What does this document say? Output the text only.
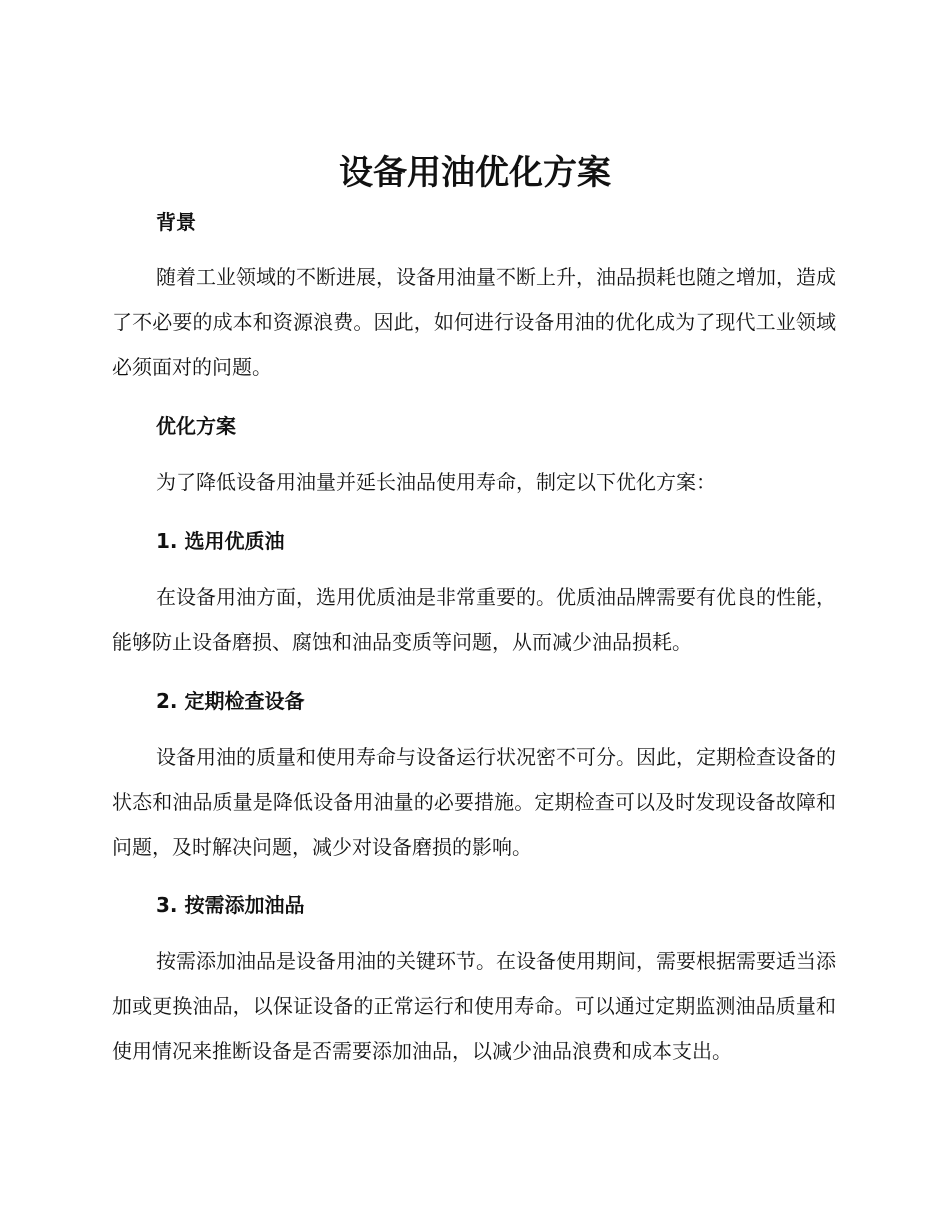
设备用油优化方案
背景

随着工业领域的不断进展，设备用油量不断上升，油品损耗也随之增加，造成了不必要的成本和资源浪费。因此，如何进行设备用油的优化成为了现代工业领域必须面对的问题。

优化方案

为了降低设备用油量并延长油品使用寿命，制定以下优化方案：

1. 选用优质油

在设备用油方面，选用优质油是非常重要的。优质油品牌需要有优良的性能，能够防止设备磨损、腐蚀和油品变质等问题，从而减少油品损耗。

2. 定期检查设备

设备用油的质量和使用寿命与设备运行状况密不可分。因此，定期检查设备的状态和油品质量是降低设备用油量的必要措施。定期检查可以及时发现设备故障和问题，及时解决问题，减少对设备磨损的影响。

3. 按需添加油品

按需添加油品是设备用油的关键环节。在设备使用期间，需要根据需要适当添加或更换油品，以保证设备的正常运行和使用寿命。可以通过定期监测油品质量和使用情况来推断设备是否需要添加油品，以减少油品浪费和成本支出。
